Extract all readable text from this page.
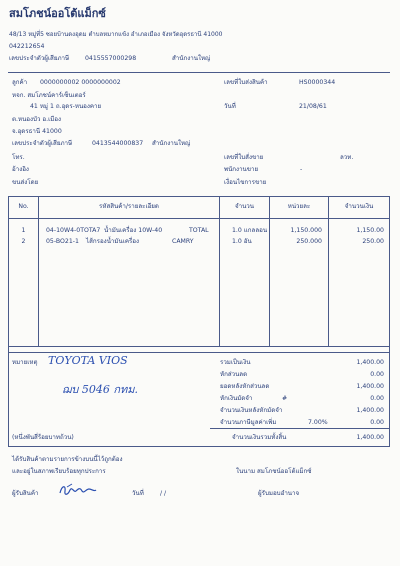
สมโภชน์ออโต้แม็กซ์
48/13 หมู่ที่5 ซอยบ้านดงอุดม ตำบลหมากแข้ง อำเภอเมือง จังหวัดอุดรธานี 41000
042212654
เลขประจำตัวผู้เสียภาษี	0415557000298	สำนักงานใหญ่
ลูกค้า 0000000002 0000000002
หจก. สมโภชน์คาร์เซ็นเตอร์
41 หมู่ 1 ถ.อุดร-หนองคาย
ต.หนองบัว อ.เมือง
จ.อุดรธานี 41000
เลขประจำตัวผู้เสียภาษี	0413544000837 สำนักงานใหญ่
โทร.
อ้างอิง
ขนส่งโดย
เลขที่ใบส่งสินค้า	HS0000344
วันที่	21/08/61
เลขที่ใบสั่งขาย	ลวท.
พนักงานขาย	-
เงื่อนไขการขาย
No.	รหัสสินค้า/รายละเอียด	จำนวน	หน่วยละ	จำนวนเงิน
1	04-10W4-0TOTA7 น้ำมันเครื่อง 10W-40	TOTAL	1.0 แกลลอน	1,150.000	1,150.00
2	05-BO21-1 ไส้กรองน้ำมันเครื่อง	CAMRY	1.0 อัน	250.000	250.00
หมายเหตุ TOYOTA VIOS
ฌบ 5046 กทม.
รวมเป็นเงิน	1,400.00
หักส่วนลด	0.00
ยอดหลังหักส่วนลด	1,400.00
หักเงินมัดจำ	#	0.00
จำนวนเงินหลังหักมัดจำ	1,400.00
จำนวนภาษีมูลค่าเพิ่ม	7.00%	0.00
(หนึ่งพันสี่ร้อยบาทถ้วน)	จำนวนเงินรวมทั้งสิ้น	1,400.00
ได้รับสินค้าตามรายการข้างบนนี้ไว้ถูกต้อง
และอยู่ในสภาพเรียบร้อยทุกประการ	ในนาม สมโภชน์ออโต้แม็กซ์
ผู้รับสินค้า	วันที่	/ /	ผู้รับมอบอำนาจ
